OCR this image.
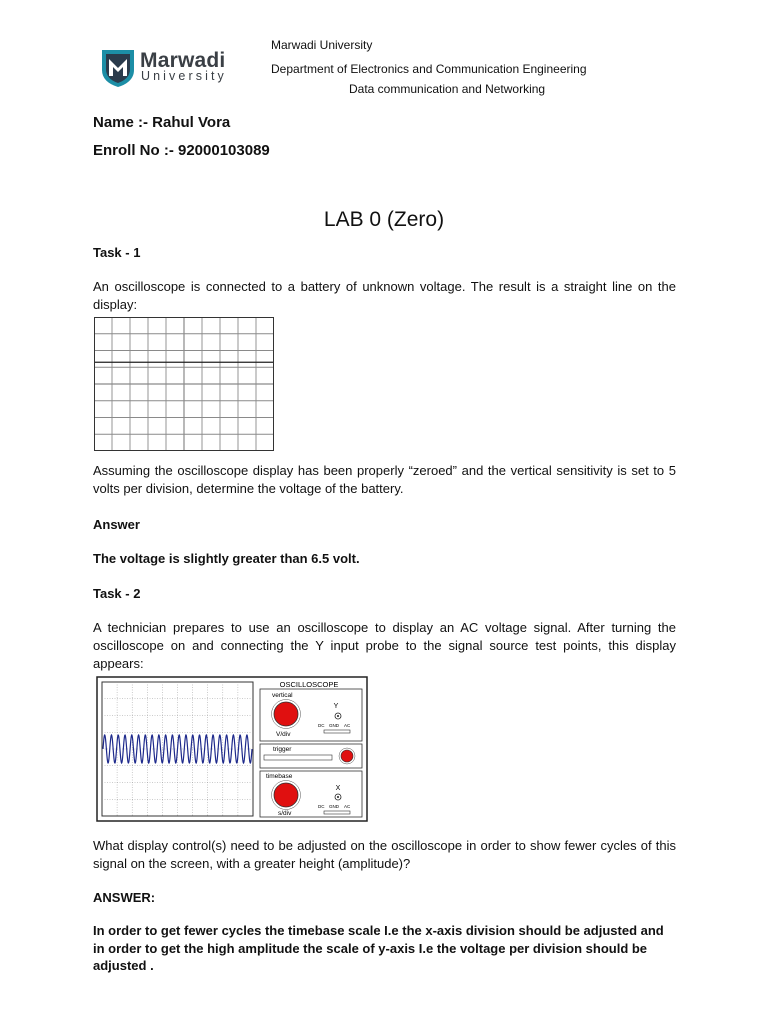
Marwadi
University
Marwadi University
Department of Electronics and Communication Engineering
Data communication and Networking
Name :- Rahul Vora
Enroll No :- 92000103089
LAB 0 (Zero)
Task - 1
An oscilloscope is connected to a battery of unknown voltage. The result is a straight line on the display:
Assuming the oscilloscope display has been properly “zeroed” and the vertical sensitivity is set to 5 volts per division, determine the voltage of the battery.
Answer
The voltage is slightly greater than 6.5 volt.
Task - 2
A technician prepares to use an oscilloscope to display an AC voltage signal. After turning the oscilloscope on and connecting the Y input probe to the signal source test points, this display appears:
OSCILLOSCOPE
vertical
V/div
Y
DC GND AC
trigger
timebase
s/div
X
DC GND AC
What display control(s) need to be adjusted on the oscilloscope in order to show fewer cycles of this signal on the screen, with a greater height (amplitude)?
ANSWER:
In order to get fewer cycles the timebase scale I.e the x-axis division should be adjusted and in order to get the high amplitude the scale of y-axis I.e the voltage per division should be adjusted .
